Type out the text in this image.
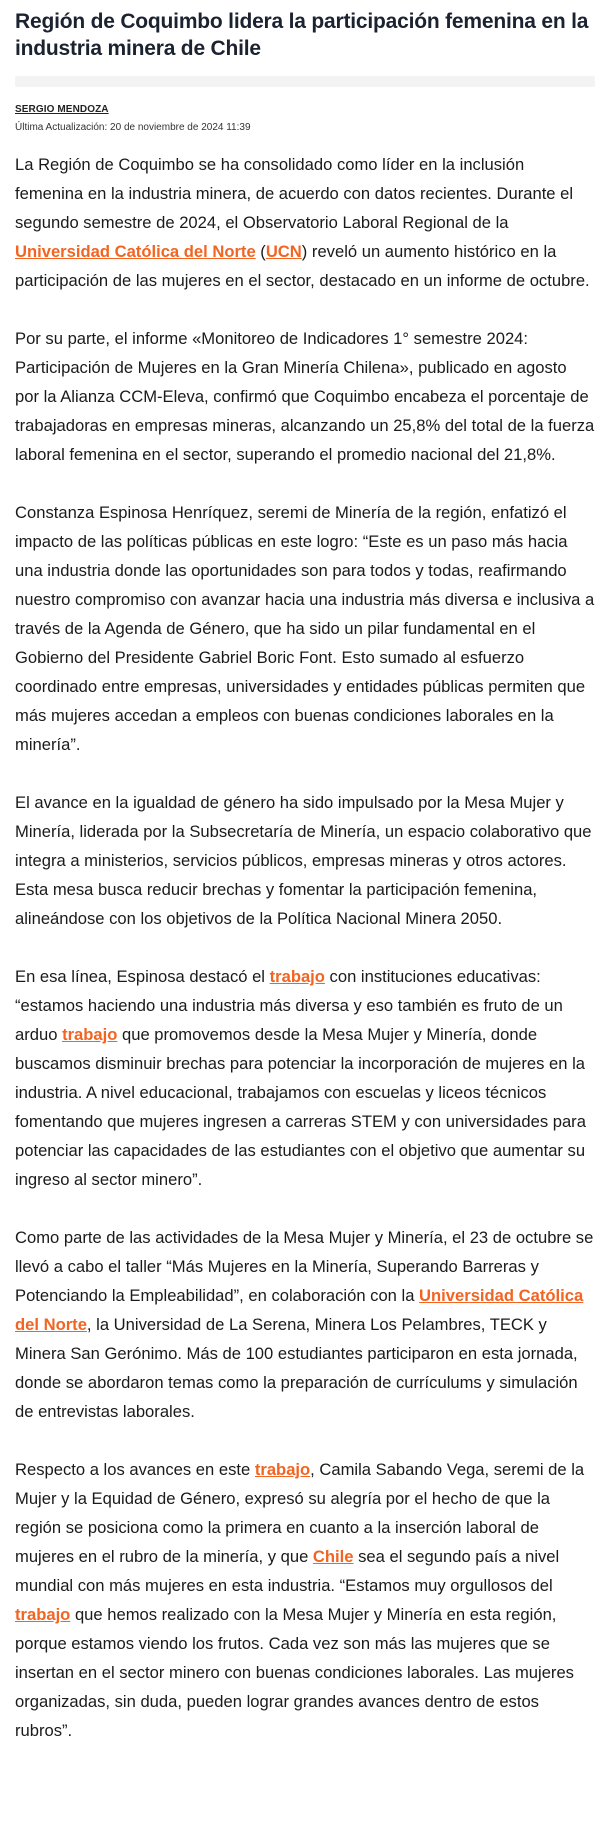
Región de Coquimbo lidera la participación femenina en la industria minera de Chile
SERGIO MENDOZA
Última Actualización: 20 de noviembre de 2024 11:39

La Región de Coquimbo se ha consolidado como líder en la inclusión femenina en la industria minera, de acuerdo con datos recientes. Durante el segundo semestre de 2024, el Observatorio Laboral Regional de la Universidad Católica del Norte (UCN) reveló un aumento histórico en la participación de las mujeres en el sector, destacado en un informe de octubre.

Por su parte, el informe «Monitoreo de Indicadores 1° semestre 2024: Participación de Mujeres en la Gran Minería Chilena», publicado en agosto por la Alianza CCM-Eleva, confirmó que Coquimbo encabeza el porcentaje de trabajadoras en empresas mineras, alcanzando un 25,8% del total de la fuerza laboral femenina en el sector, superando el promedio nacional del 21,8%.

Constanza Espinosa Henríquez, seremi de Minería de la región, enfatizó el impacto de las políticas públicas en este logro: “Este es un paso más hacia una industria donde las oportunidades son para todos y todas, reafirmando nuestro compromiso con avanzar hacia una industria más diversa e inclusiva a través de la Agenda de Género, que ha sido un pilar fundamental en el Gobierno del Presidente Gabriel Boric Font. Esto sumado al esfuerzo coordinado entre empresas, universidades y entidades públicas permiten que más mujeres accedan a empleos con buenas condiciones laborales en la minería”.

El avance en la igualdad de género ha sido impulsado por la Mesa Mujer y Minería, liderada por la Subsecretaría de Minería, un espacio colaborativo que integra a ministerios, servicios públicos, empresas mineras y otros actores. Esta mesa busca reducir brechas y fomentar la participación femenina, alineándose con los objetivos de la Política Nacional Minera 2050.

En esa línea, Espinosa destacó el trabajo con instituciones educativas: “estamos haciendo una industria más diversa y eso también es fruto de un arduo trabajo que promovemos desde la Mesa Mujer y Minería, donde buscamos disminuir brechas para potenciar la incorporación de mujeres en la industria. A nivel educacional, trabajamos con escuelas y liceos técnicos fomentando que mujeres ingresen a carreras STEM y con universidades para potenciar las capacidades de las estudiantes con el objetivo que aumentar su ingreso al sector minero”.

Como parte de las actividades de la Mesa Mujer y Minería, el 23 de octubre se llevó a cabo el taller “Más Mujeres en la Minería, Superando Barreras y Potenciando la Empleabilidad”, en colaboración con la Universidad Católica del Norte, la Universidad de La Serena, Minera Los Pelambres, TECK y Minera San Gerónimo. Más de 100 estudiantes participaron en esta jornada, donde se abordaron temas como la preparación de currículums y simulación de entrevistas laborales.

Respecto a los avances en este trabajo, Camila Sabando Vega, seremi de la Mujer y la Equidad de Género, expresó su alegría por el hecho de que la región se posiciona como la primera en cuanto a la inserción laboral de mujeres en el rubro de la minería, y que Chile sea el segundo país a nivel mundial con más mujeres en esta industria. “Estamos muy orgullosos del trabajo que hemos realizado con la Mesa Mujer y Minería en esta región, porque estamos viendo los frutos. Cada vez son más las mujeres que se insertan en el sector minero con buenas condiciones laborales. Las mujeres organizadas, sin duda, pueden lograr grandes avances dentro de estos rubros”.
